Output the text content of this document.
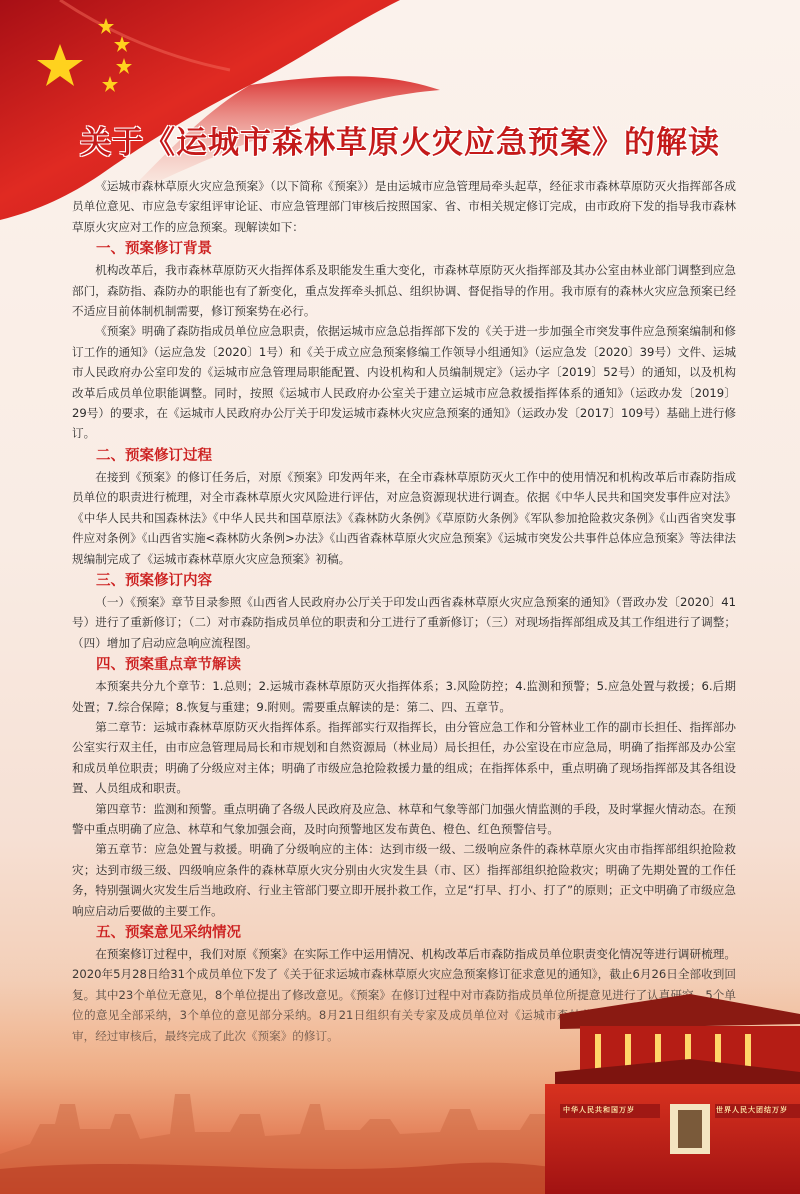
关于《运城市森林草原火灾应急预案》的解读

《运城市森林草原火灾应急预案》（以下简称《预案》）是由运城市应急管理局牵头起草，经征求市森林草原防灭火指挥部各成员单位意见、市应急专家组评审论证、市应急管理部门审核后按照国家、省、市相关规定修订完成，由市政府下发的指导我市森林草原火灾应对工作的应急预案。现解读如下：

一、预案修订背景

机构改革后，我市森林草原防灭火指挥体系及职能发生重大变化，市森林草原防灭火指挥部及其办公室由林业部门调整到应急部门，森防指、森防办的职能也有了新变化，重点发挥牵头抓总、组织协调、督促指导的作用。我市原有的森林火灾应急预案已经不适应目前体制机制需要，修订预案势在必行。

《预案》明确了森防指成员单位应急职责，依据运城市应急总指挥部下发的《关于进一步加强全市突发事件应急预案编制和修订工作的通知》（运应急发〔2020〕1号）和《关于成立应急预案修编工作领导小组通知》（运应急发〔2020〕39号）文件、运城市人民政府办公室印发的《运城市应急管理局职能配置、内设机构和人员编制规定》（运办字〔2019〕52号）的通知，以及机构改革后成员单位职能调整。同时，按照《运城市人民政府办公室关于建立运城市应急救援指挥体系的通知》（运政办发〔2019〕29号）的要求，在《运城市人民政府办公厅关于印发运城市森林火灾应急预案的通知》（运政办发〔2017〕109号）基础上进行修订。

二、预案修订过程

在接到《预案》的修订任务后，对原《预案》印发两年来，在全市森林草原防灭火工作中的使用情况和机构改革后市森防指成员单位的职责进行梳理，对全市森林草原火灾风险进行评估，对应急资源现状进行调查。依据《中华人民共和国突发事件应对法》《中华人民共和国森林法》《中华人民共和国草原法》《森林防火条例》《草原防火条例》《军队参加抢险救灾条例》《山西省突发事件应对条例》《山西省实施<森林防火条例>办法》《山西省森林草原火灾应急预案》《运城市突发公共事件总体应急预案》等法律法规编制完成了《运城市森林草原火灾应急预案》初稿。

三、预案修订内容

（一）《预案》章节目录参照《山西省人民政府办公厅关于印发山西省森林草原火灾应急预案的通知》（晋政办发〔2020〕41号）进行了重新修订；（二）对市森防指成员单位的职责和分工进行了重新修订；（三）对现场指挥部组成及其工作组进行了调整；（四）增加了启动应急响应流程图。

四、预案重点章节解读

本预案共分九个章节：1.总则；2.运城市森林草原防灭火指挥体系；3.风险防控；4.监测和预警；5.应急处置与救援；6.后期处置；7.综合保障；8.恢复与重建；9.附则。需要重点解读的是：第二、四、五章节。

第二章节：运城市森林草原防灭火指挥体系。指挥部实行双指挥长，由分管应急工作和分管林业工作的副市长担任、指挥部办公室实行双主任，由市应急管理局局长和市规划和自然资源局（林业局）局长担任，办公室设在市应急局，明确了指挥部及办公室和成员单位职责；明确了分级应对主体；明确了市级应急抢险救援力量的组成；在指挥体系中，重点明确了现场指挥部及其各组设置、人员组成和职责。

第四章节：监测和预警。重点明确了各级人民政府及应急、林草和气象等部门加强火情监测的手段，及时掌握火情动态。在预警中重点明确了应急、林草和气象加强会商，及时向预警地区发布黄色、橙色、红色预警信号。

第五章节：应急处置与救援。明确了分级响应的主体：达到市级一级、二级响应条件的森林草原火灾由市指挥部组织抢险救灾；达到市级三级、四级响应条件的森林草原火灾分别由火灾发生县（市、区）指挥部组织抢险救灾；明确了先期处置的工作任务，特别强调火灾发生后当地政府、行业主管部门要立即开展扑救工作，立足“打早、打小、打了”的原则；正文中明确了市级应急响应启动后要做的主要工作。

五、预案意见采纳情况

中华人民共和国万岁	世界人民大团结万岁
